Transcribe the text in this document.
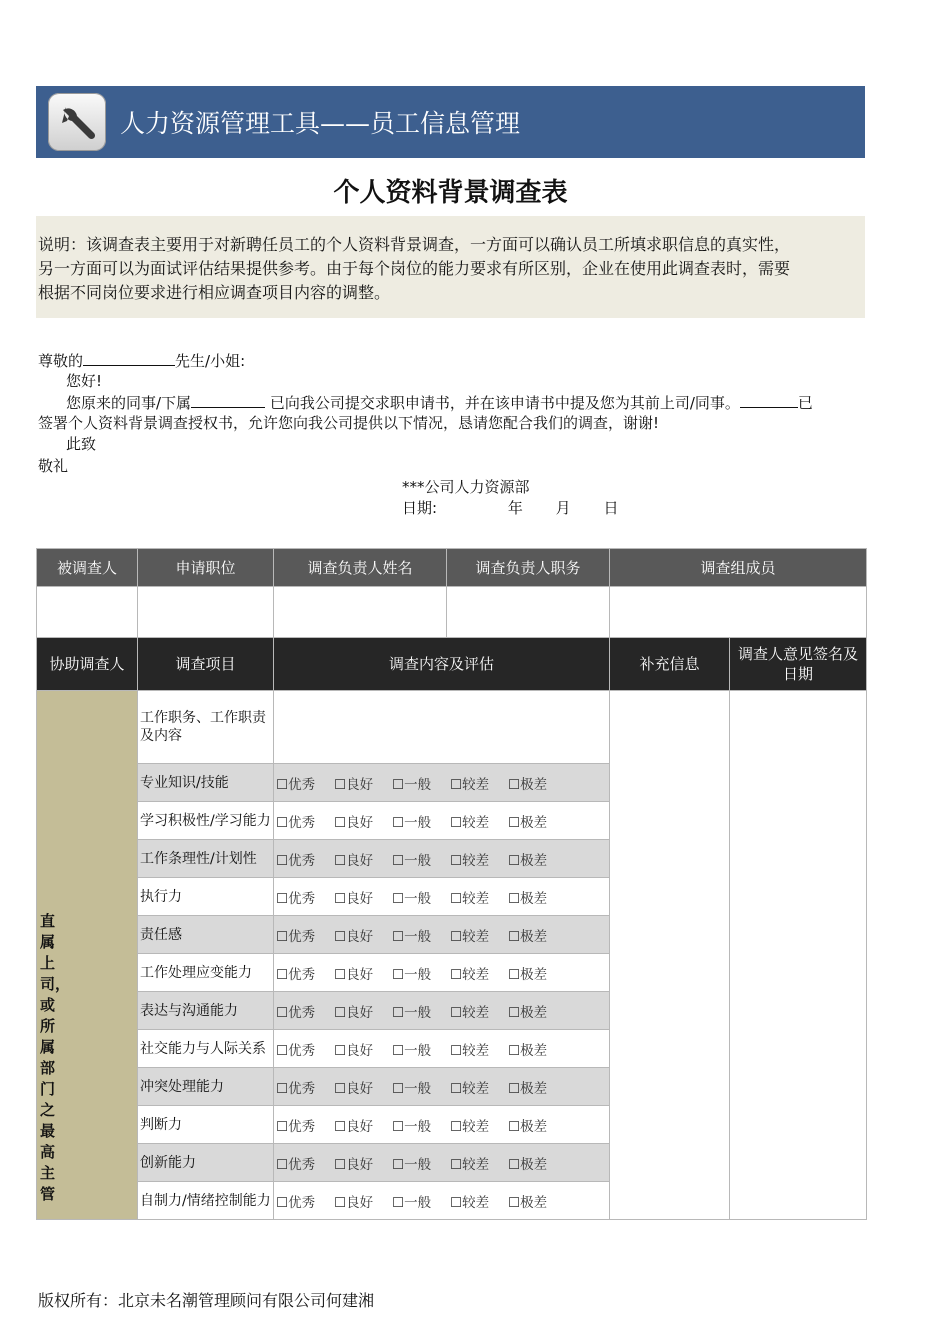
人力资源管理工具——员工信息管理
个人资料背景调查表
说明：该调查表主要用于对新聘任员工的个人资料背景调查，一方面可以确认员工所填求职信息的真实性，
另一方面可以为面试评估结果提供参考。由于每个岗位的能力要求有所区别，企业在使用此调查表时，需要
根据不同岗位要求进行相应调查项目内容的调整。
尊敬的	先生/小姐:
您好!
您原来的同事/下属	已向我公司提交求职申请书，并在该申请书中提及您为其前上司/同事。	已
签署个人资料背景调查授权书，允许您向我公司提供以下情况，恳请您配合我们的调查，谢谢!
此致
敬礼
***公司人力资源部
日期:	年 月 日
被调查人	申请职位	调查负责人姓名	调查负责人职务	调查组成员	

协助调查人	调查项目	调查内容及评估		补充信息	调查人意见签名及日期

直属上司，或所属部门之最高主管	工作职务、工作职责及内容				
	专业知识/技能	☐优秀 ☐良好 ☐一般 ☐较差 ☐极差			
	学习积极性/学习能力	☐优秀 ☐良好 ☐一般 ☐较差 ☐极差			
	工作条理性/计划性	☐优秀 ☐良好 ☐一般 ☐较差 ☐极差			
	执行力	☐优秀 ☐良好 ☐一般 ☐较差 ☐极差			
	责任感	☐优秀 ☐良好 ☐一般 ☐较差 ☐极差			
	工作处理应变能力	☐优秀 ☐良好 ☐一般 ☐较差 ☐极差			
	表达与沟通能力	☐优秀 ☐良好 ☐一般 ☐较差 ☐极差			
	社交能力与人际关系	☐优秀 ☐良好 ☐一般 ☐较差 ☐极差			
	冲突处理能力	☐优秀 ☐良好 ☐一般 ☐较差 ☐极差			
	判断力	☐优秀 ☐良好 ☐一般 ☐较差 ☐极差			
	创新能力	☐优秀 ☐良好 ☐一般 ☐较差 ☐极差			
	自制力/情绪控制能力	☐优秀 ☐良好 ☐一般 ☐较差 ☐极差			
版权所有：北京未名潮管理顾问有限公司何建湘
